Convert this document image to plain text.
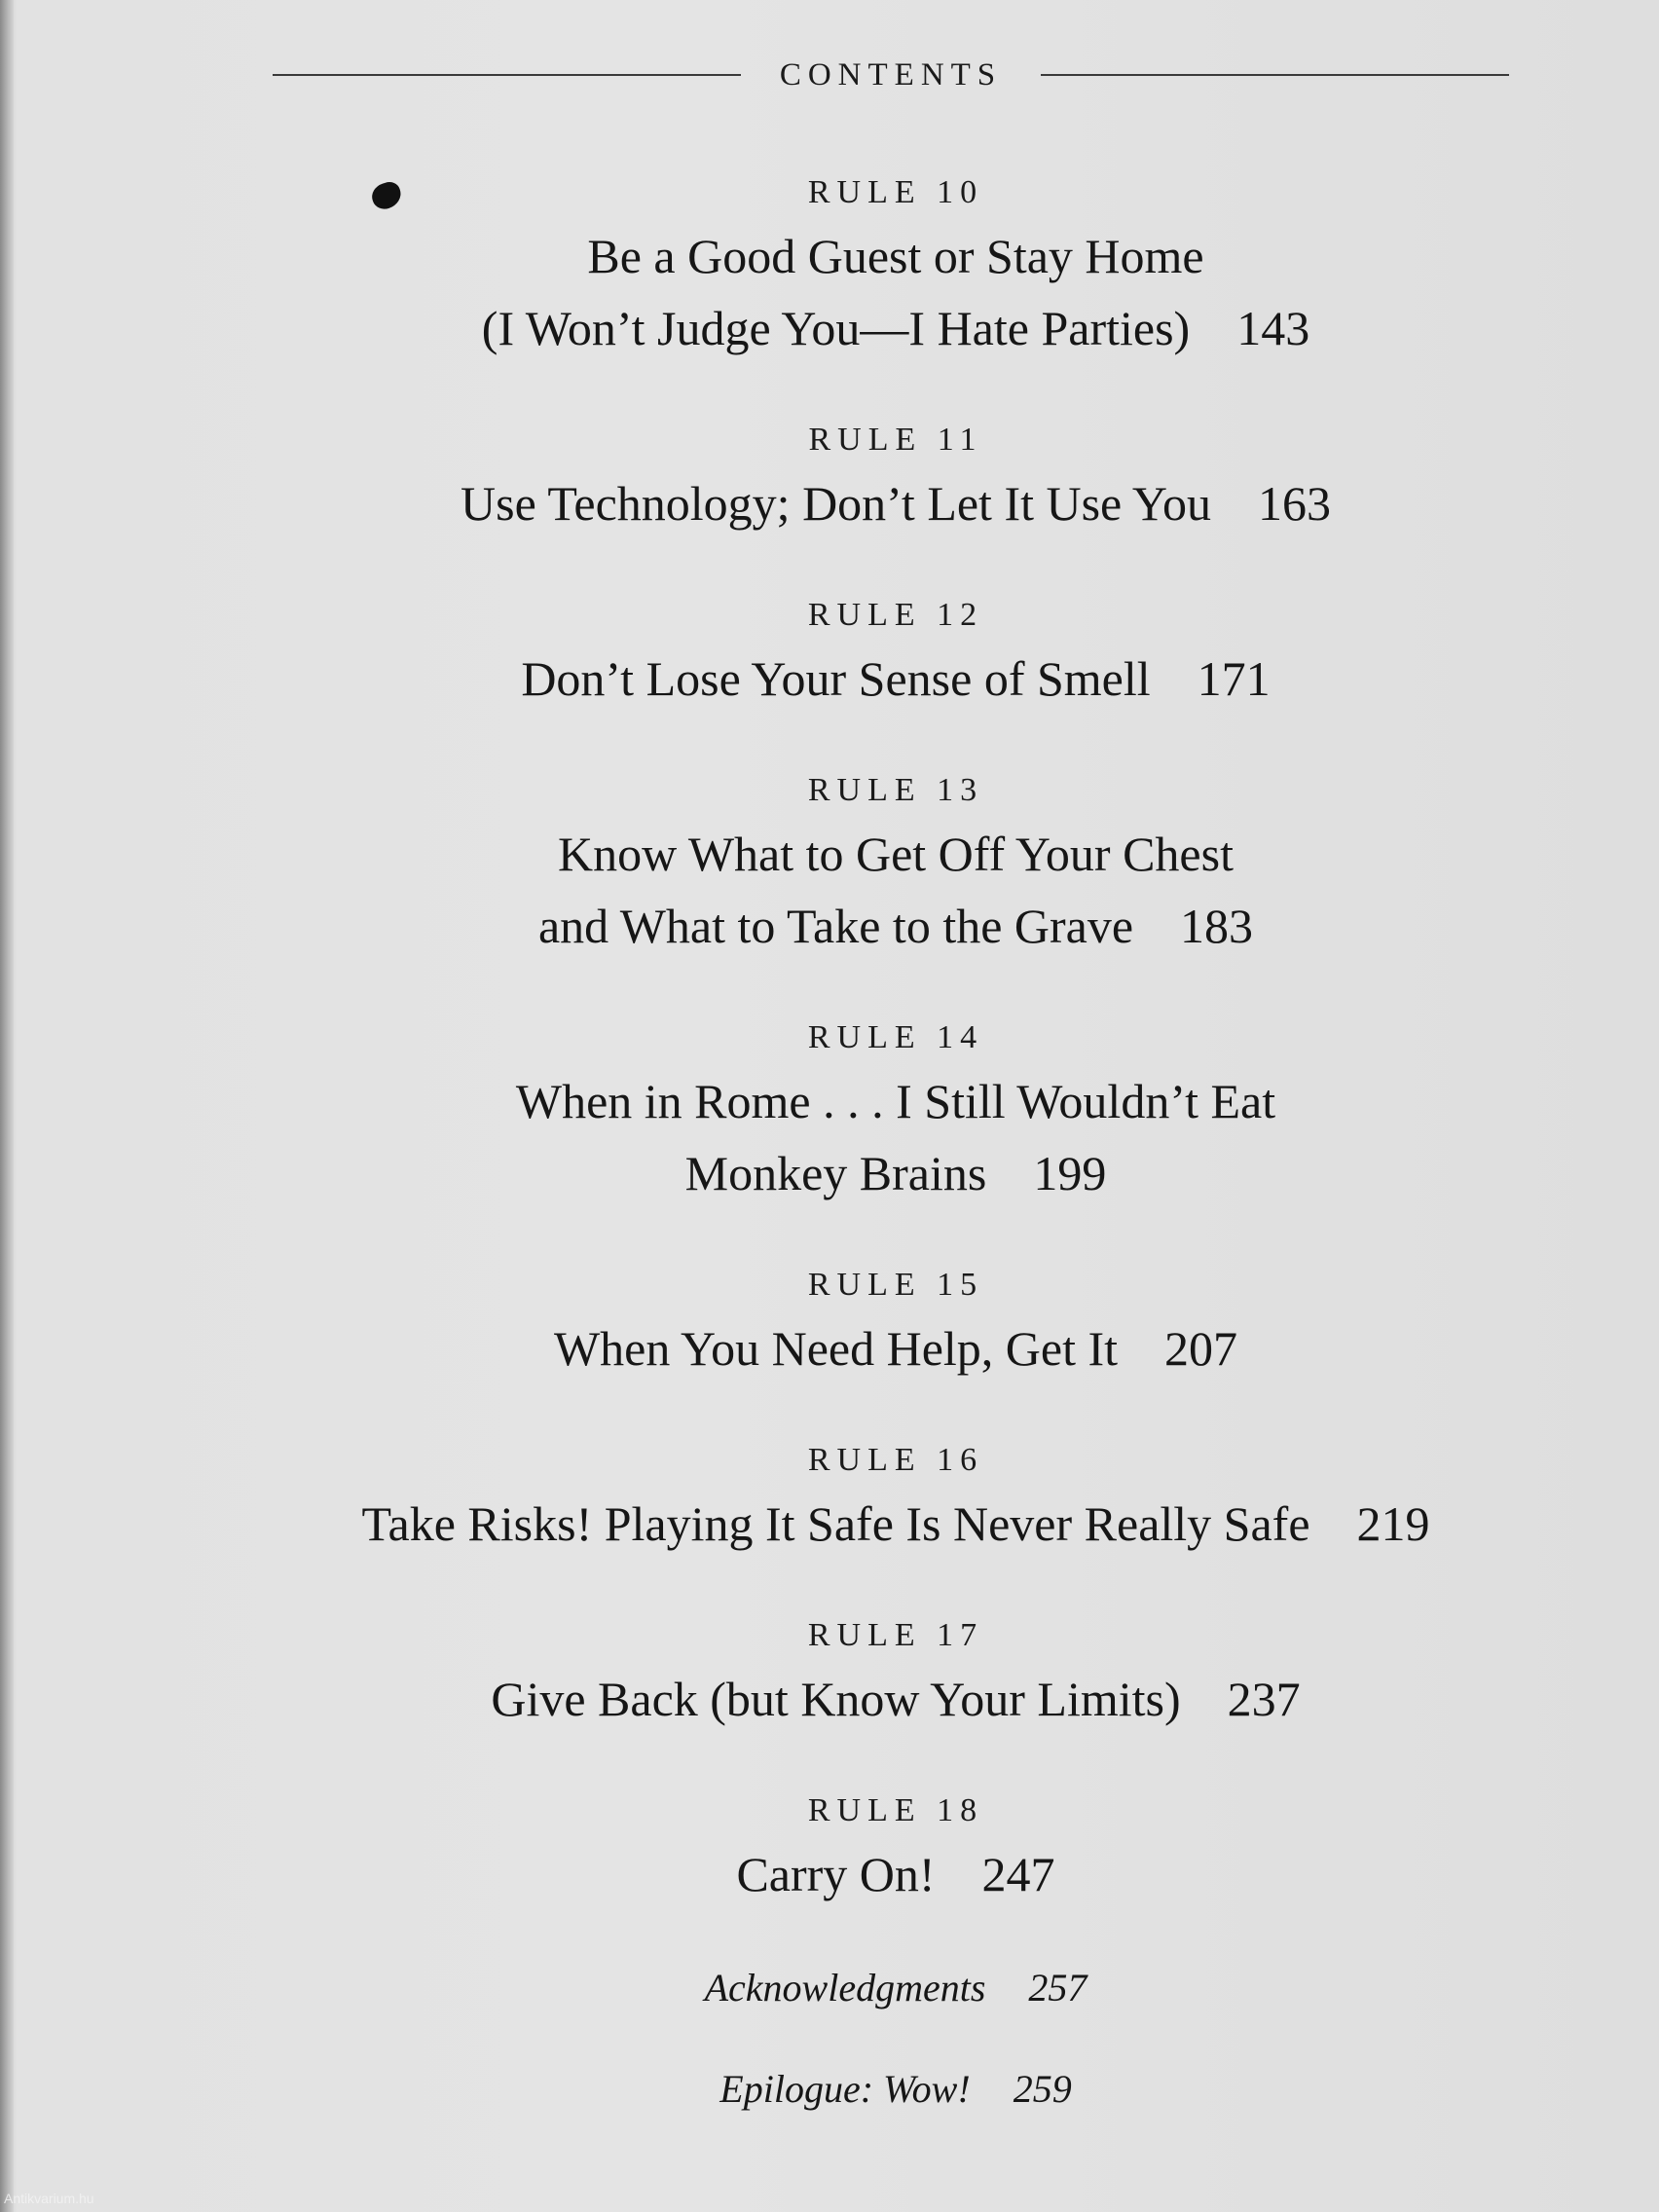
CONTENTS
RULE 10
Be a Good Guest or Stay Home
(I Won’t Judge You—I Hate Parties) 143
RULE 11
Use Technology; Don’t Let It Use You 163
RULE 12
Don’t Lose Your Sense of Smell 171
RULE 13
Know What to Get Off Your Chest
and What to Take to the Grave 183
RULE 14
When in Rome . . . I Still Wouldn’t Eat
Monkey Brains 199
RULE 15
When You Need Help, Get It 207
RULE 16
Take Risks! Playing It Safe Is Never Really Safe 219
RULE 17
Give Back (but Know Your Limits) 237
RULE 18
Carry On! 247
Acknowledgments 257
Epilogue: Wow! 259
Antikvarium.hu
